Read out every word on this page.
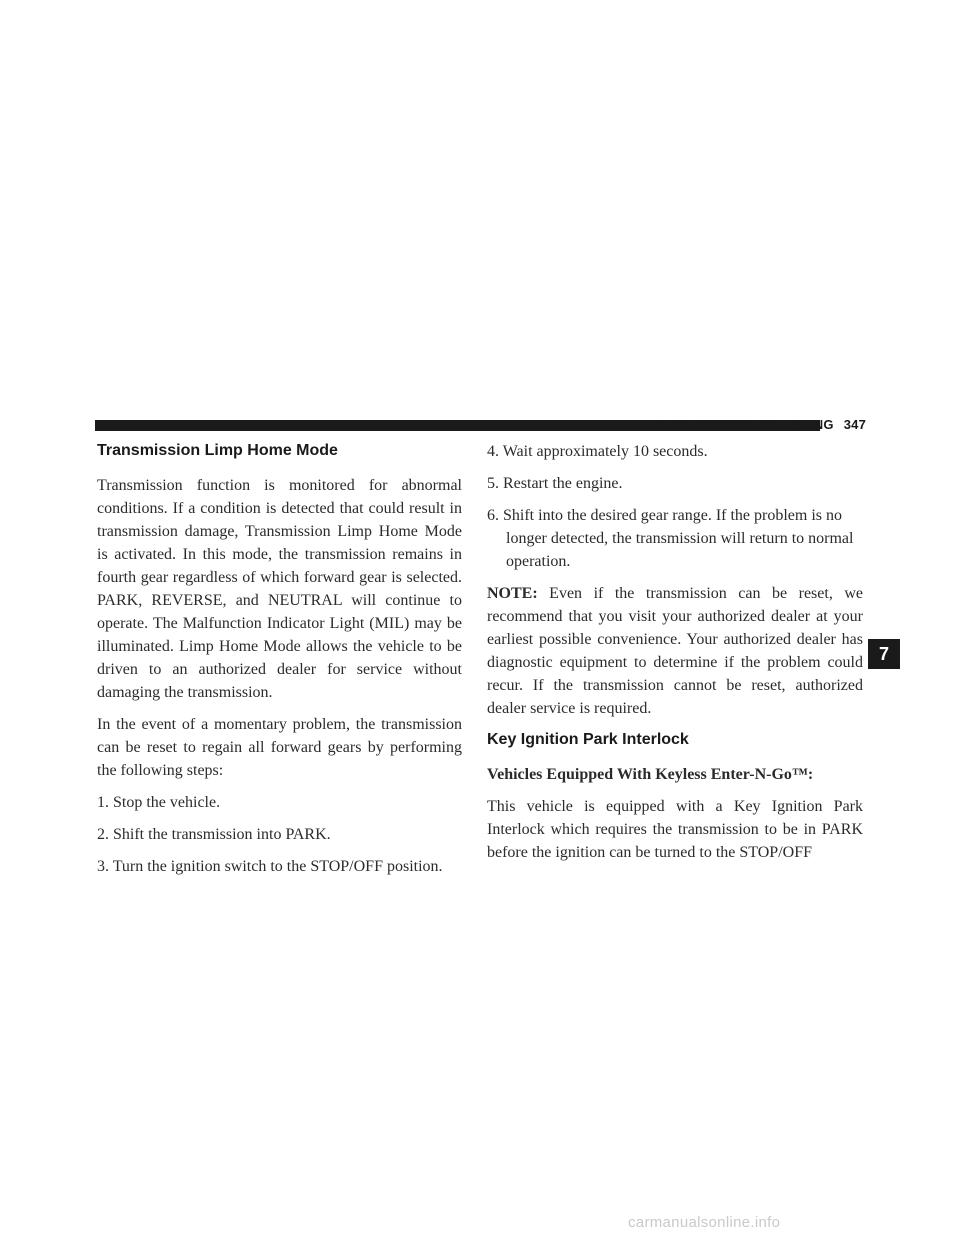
STARTING AND OPERATING 347
Transmission Limp Home Mode

Transmission function is monitored for abnormal conditions. If a condition is detected that could result in transmission damage, Transmission Limp Home Mode is activated. In this mode, the transmission remains in fourth gear regardless of which forward gear is selected. PARK, REVERSE, and NEUTRAL will continue to operate. The Malfunction Indicator Light (MIL) may be illuminated. Limp Home Mode allows the vehicle to be driven to an authorized dealer for service without damaging the transmission.

In the event of a momentary problem, the transmission can be reset to regain all forward gears by performing the following steps:

1. Stop the vehicle.

2. Shift the transmission into PARK.

3. Turn the ignition switch to the STOP/OFF position.

4. Wait approximately 10 seconds.

5. Restart the engine.

6. Shift into the desired gear range. If the problem is no longer detected, the transmission will return to normal operation.

NOTE: Even if the transmission can be reset, we recommend that you visit your authorized dealer at your earliest possible convenience. Your authorized dealer has diagnostic equipment to determine if the problem could recur. If the transmission cannot be reset, authorized dealer service is required.

Key Ignition Park Interlock

Vehicles Equipped With Keyless Enter-N-Go™:

This vehicle is equipped with a Key Ignition Park Interlock which requires the transmission to be in PARK before the ignition can be turned to the STOP/OFF

7
carmanualsonline.info
